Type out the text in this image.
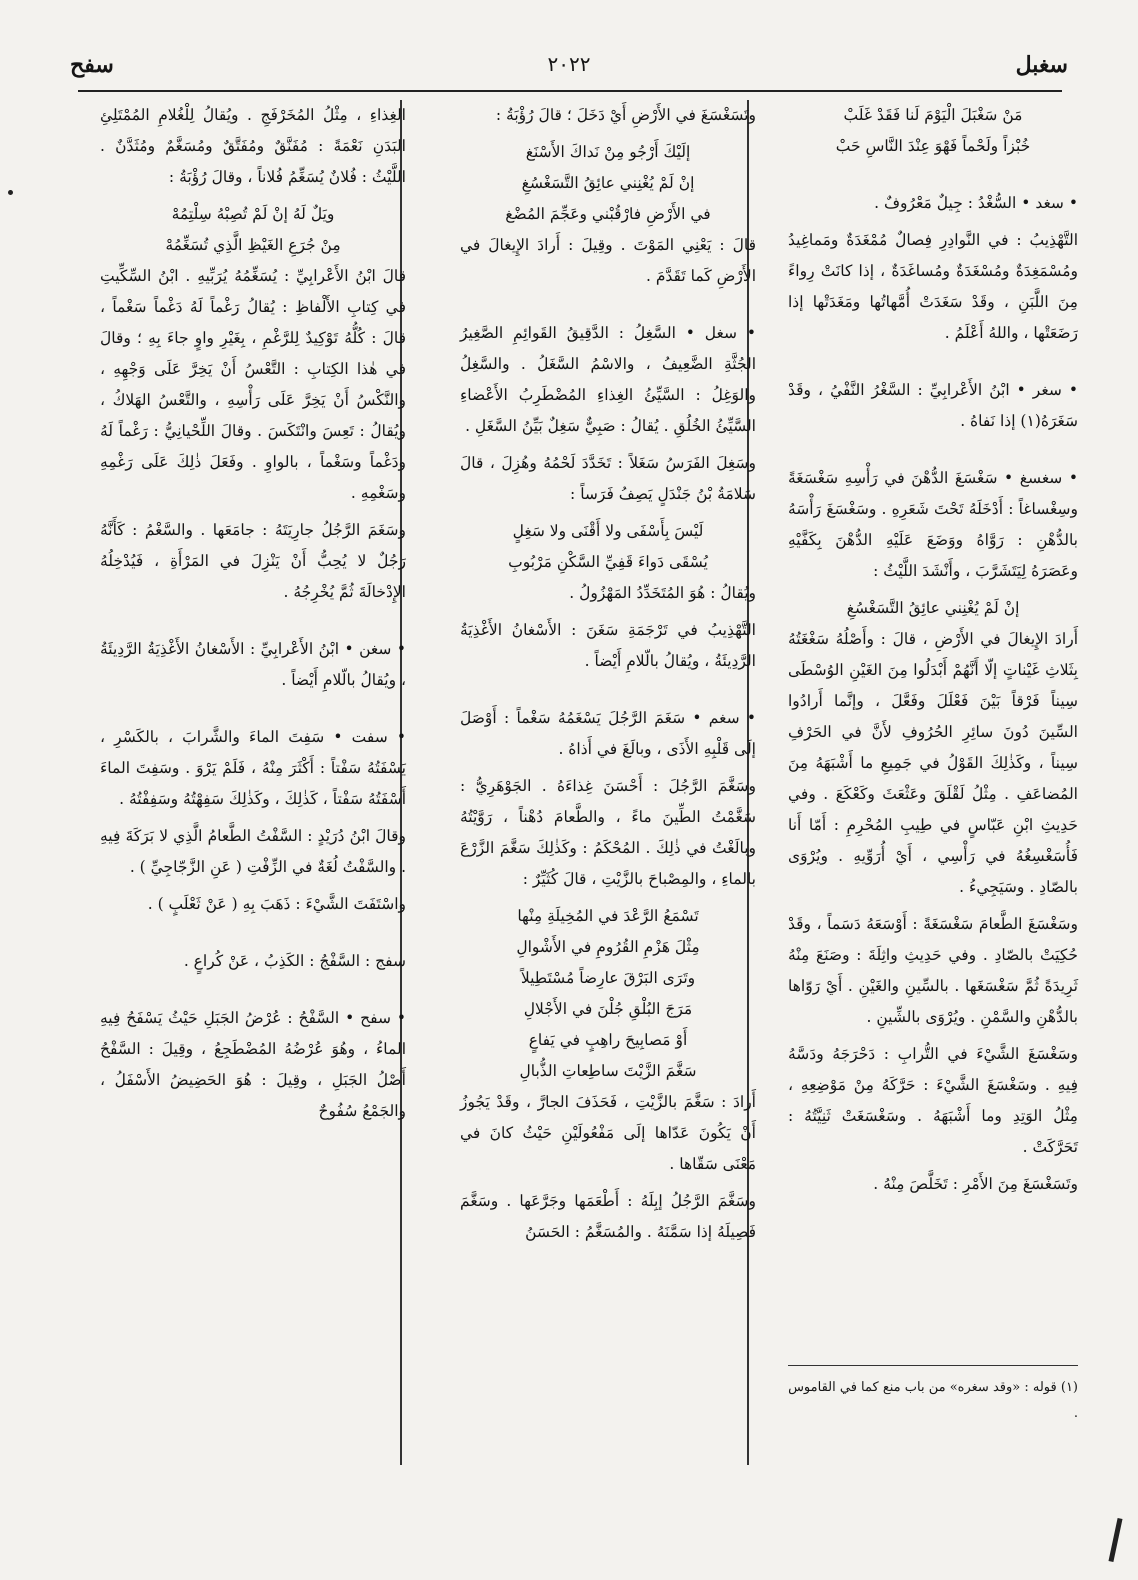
سغبل
٢٠٢٢
سفح

مَنْ سَغْبَلَ الْيَوْمَ لَنا فَقَدْ غَلَبْ

خُبْزاً ولَحْماً فَهْوَ عِنْدَ النَّاسِ حَبْ

• سغد • السُّغْدُ : جِيلٌ مَعْرُوفٌ .

التَّهْذِيبُ : في النَّوادِرِ فِصالٌ مُمْغَدَةٌ ومَماغِيدُ ومُسْمَغِدَةٌ ومُسْغَدَةٌ ومُساغَدَةٌ ، إذا كانَتْ رِواءً مِنَ اللَّبَنِ ، وقَدْ سَغَدَتْ أُمَّهاتُها ومَغَدَتْها إذا رَضَعَتْها ، واللهُ أَعْلَمُ .

• سغر • ابْنُ الأَعْرابِيِّ : السَّغْرُ النَّفْيُ ، وقَدْ سَغَرَهُ(١) إذا نَفاهُ .

• سغسغ • سَغْسَغَ الدُّهْنَ في رَأْسِهِ سَغْسَغَةً وسِغْساغاً : أَدْخَلَهُ تَحْتَ شَعَرِهِ . وسَغْسَغَ رَأْسَهُ بالدُّهْنِ : رَوَّاهُ ووَضَعَ عَلَيْهِ الدُّهْنَ بِكَفَّيْهِ وعَصَرَهُ لِيَتَشَرَّبَ ، وأَنْشَدَ اللَّيْثُ :

إنْ لَمْ يُغْنِني عائِقُ التَّسَغْسُغِ

أَرادَ الإِيغالَ في الأَرْضِ ، قالَ : وأَصْلُهُ سَغْغَتُهُ بِثَلاثِ غَيْناتٍ إلّا أَنَّهُمْ أَبْدَلُوا مِنَ الغَيْنِ الوُسْطَى سِيناً فَرْقاً بَيْنَ فَعْلَلَ وفَعَّلَ ، وإنَّما أَرادُوا السِّينَ دُونَ سائِرِ الحُرُوفِ لأَنَّ في الحَرْفِ سِيناً ، وكَذٰلِكَ القَوْلُ في جَمِيعِ ما أَشْبَهَهُ مِنَ المُضاعَفِ . مِثْلُ لَقْلَقَ وعَثْعَثَ وكَعْكَعَ . وفي حَدِيثِ ابْنِ عَبّاسٍ في طِيبِ المُحْرِمِ : أَمّا أَنا فَأُسَغْسِغُهُ في رَأْسِي ، أَيْ أُرَوِّيهِ . ويُرْوَى بالصّادِ . وسَيَجِيءُ .

وسَغْسَغَ الطَّعامَ سَغْسَغَةً : أَوْسَعَهُ دَسَماً ، وقَدْ حُكِيَتْ بالصّادِ . وفي حَدِيثِ واثِلَةَ : وصَنَعَ مِنْهُ ثَرِيدَةً ثُمَّ سَغْسَغَها . بالسِّينِ والغَيْنِ . أَيْ رَوّاها بالدُّهْنِ والسَّمْنِ . ويُرْوَى بالشِّينِ .

وسَغْسَغَ الشَّيْءَ في التُّرابِ : دَحْرَجَهُ ودَسَّهُ فِيهِ . وسَغْسَغَ الشَّيْءَ : حَرَّكَهُ مِنْ مَوْضِعِهِ ، مِثْلُ الوَتِدِ وما أَشْبَهَهُ . وسَغْسَغَتْ ثَنِيَّتُهُ : تَحَرَّكَتْ .

وتَسَغْسَغَ مِنَ الأَمْرِ : تَخَلَّصَ مِنْهُ .

(١) قوله : «وقد سغره» من باب منع كما في القاموس .

وتَسَغْسَغَ في الأَرْضِ أَيْ دَخَلَ ؛ قالَ رُؤْبَةُ :

إلَيْكَ أَرْجُو مِنْ نَداكَ الأَسْنَغ

إنْ لَمْ يُغْنِني عائِقُ التَّسَغْسُغِ

في الأَرْضِ فارْقُبْني وعَجِّمَ المُضْغ

قالَ : يَعْنِي المَوْتَ . وقِيلَ : أَرادَ الإِيغالَ في الأَرْضِ كَما تَقَدَّمَ .

• سغل • السَّغِلُ : الدَّقِيقُ القَوائِمِ الصَّغِيرُ الجُثَّةِ الضَّعِيفُ ، والاسْمُ السَّغَلُ . والسَّغِلُ والوَغِلُ : السَّيِّئُ الغِذاءِ المُضْطَرِبُ الأَعْضاءِ السَّيِّئُ الخُلُقِ . يُقالُ : صَبِيٌّ سَغِلٌ بَيِّنُ السَّغَلِ .

وسَغِلَ الفَرَسُ سَغَلاً : تَخَدَّدَ لَحْمُهُ وهُزِلَ ، قالَ سَلامَةُ بْنُ جَنْدَلٍ يَصِفُ فَرَساً :

لَيْسَ بِأَسْفَى ولا أَقْنَى ولا سَغِلٍ

يُسْقَى دَواءَ قَفِيِّ السَّكْنِ مَرْبُوبِ

ويُقالُ : هُوَ المُتَخَدِّدُ المَهْزُولُ .

التَّهْذِيبُ في تَرْجَمَةِ سَغَنَ : الأَسْغانُ الأَغْذِيَةُ الرَّدِيئَةُ ، ويُقالُ بالّلامِ أَيْضاً .

• سغم • سَغَمَ الرَّجُلَ يَسْغَمُهُ سَغْماً : أَوْصَلَ إلَى قَلْبِهِ الأَذَى ، وبالَغَ في أَذاهُ .

وسَغَّمَ الرَّجُلَ : أَحْسَنَ غِذاءَهُ . الجَوْهَرِيُّ : سَغَّمْتُ الطِّينَ ماءً ، والطَّعامَ دُهْناً ، رَوَّيْتُهُ وبالَغْتُ في ذٰلِكَ . المُحْكَمُ : وكَذٰلِكَ سَغَّمَ الزَّرْعَ بالماءِ ، والمِصْباحَ بالزَّيْتِ ، قالَ كُثَيِّرٌ :

تَسْمَعُ الرَّعْدَ في المُخِيلَةِ مِنْها

مِثْلَ هَزْمِ القُرُومِ في الأَشْوالِ

وتَرَى البَرْقَ عارِضاً مُسْتَطِيلاً

مَرَجَ البُلْقِ جُلْنَ في الأَجْلالِ

أَوْ مَصابِيحَ راهِبٍ في يَفاعٍ

سَغَّمَ الزَّيْتَ ساطِعاتِ الذُّبالِ

أَرادَ : سَغَّمَ بالزَّيْتِ ، فَحَذَفَ الجارَّ ، وقَدْ يَجُوزُ أَنْ يَكُونَ عَدّاها إلَى مَفْعُولَيْنِ حَيْثُ كانَ في مَعْنَى سَقّاها .

وسَغَّمَ الرَّجُلُ إبِلَهُ : أَطْعَمَها وجَرَّعَها . وسَغَّمَ فَصِيلَهُ إذا سَمَّنَهُ . والمُسَغَّمُ : الحَسَنُ

الغِذاءِ ، مِثْلُ المُخَرْفَجِ . ويُقالُ لِلْغُلامِ المُمْتَلِئِ البَدَنِ نَعْمَةً : مُفَنَّقٌ ومُفَتَّقٌ ومُسَغَّمٌ ومُثَدَّنٌ . اللَّيْثُ : فُلانٌ يُسَغِّمُ فُلاناً ، وقالَ رُؤْبَةُ :

ويَلٌ لَهُ إنْ لَمْ تُصِبْهُ سِلْتِمُهْ

مِنْ جُرَعِ الغَيْظِ الَّذِي تُسَغِّمُهْ

قالَ ابْنُ الأَعْرابِيِّ : يُسَغِّمُهُ يُرَبِّيهِ . ابْنُ السِّكِّيتِ في كِتابِ الأَلْفاظِ : يُقالُ رَغْماً لَهُ دَغْماً سَغْماً ، قالَ : كُلُّهُ تَوْكِيدٌ لِلرَّغْمِ ، بِغَيْرِ واوٍ جاءَ بِهِ ؛ وقالَ في هٰذا الكِتابِ : التَّعْسُ أَنْ يَخِرَّ عَلَى وَجْهِهِ ، والنَّكْسُ أَنْ يَخِرَّ عَلَى رَأْسِهِ ، والتَّعْسُ الهَلاكُ ، ويُقالُ : تَعِسَ وانْتَكَسَ . وقالَ اللِّحْيانِيُّ : رَغْماً لَهُ ودَغْماً وسَغْماً ، بالواوِ . وفَعَلَ ذٰلِكَ عَلَى رَغْمِهِ وسَغْمِهِ .

وسَغَمَ الرَّجُلُ جارِيَتَهُ : جامَعَها . والسَّغْمُ : كَأَنَّهُ رَجُلٌ لا يُحِبُّ أَنْ يَنْزِلَ في المَرْأَةِ ، فَيُدْخِلُهُ الإِدْخالَةَ ثُمَّ يُخْرِجُهُ .

• سغن • ابْنُ الأَعْرابِيِّ : الأَسْغانُ الأَغْذِيَةُ الرَّدِيئَةُ ، ويُقالُ بالّلامِ أَيْضاً .

• سفت • سَفِتَ الماءَ والشَّرابَ ، بالكَسْرِ ، يَسْفَتُهُ سَفْتاً : أَكْثَرَ مِنْهُ ، فَلَمْ يَرْوَ . وسَفِتَ الماءَ أَسْفَتُهُ سَفْتاً ، كَذٰلِكَ ، وكَذٰلِكَ سَفِهْتُهُ وسَفِفْتُهُ .

وقالَ ابْنُ دُرَيْدٍ : السَّفْتُ الطَّعامُ الَّذِي لا بَرَكَةَ فِيهِ . والسَّفْتُ لُغَةٌ في الزِّفْتِ ( عَنِ الزَّجّاجِيِّ ) .

واسْتَفَتَ الشَّيْءَ : ذَهَبَ بِهِ ( عَنْ ثَعْلَبٍ ) .

سفج : السَّفْجُ : الكَذِبُ ، عَنْ كُراعٍ .

• سفح • السَّفْحُ : عُرْضُ الجَبَلِ حَيْثُ يَسْفَحُ فِيهِ الماءُ ، وهُوَ عُرْضُهُ المُضْطَجِعُ ، وقِيلَ : السَّفْحُ أَصْلُ الجَبَلِ ، وقِيلَ : هُوَ الحَضِيضُ الأَسْفَلُ ، والجَمْعُ سُفُوحٌ
